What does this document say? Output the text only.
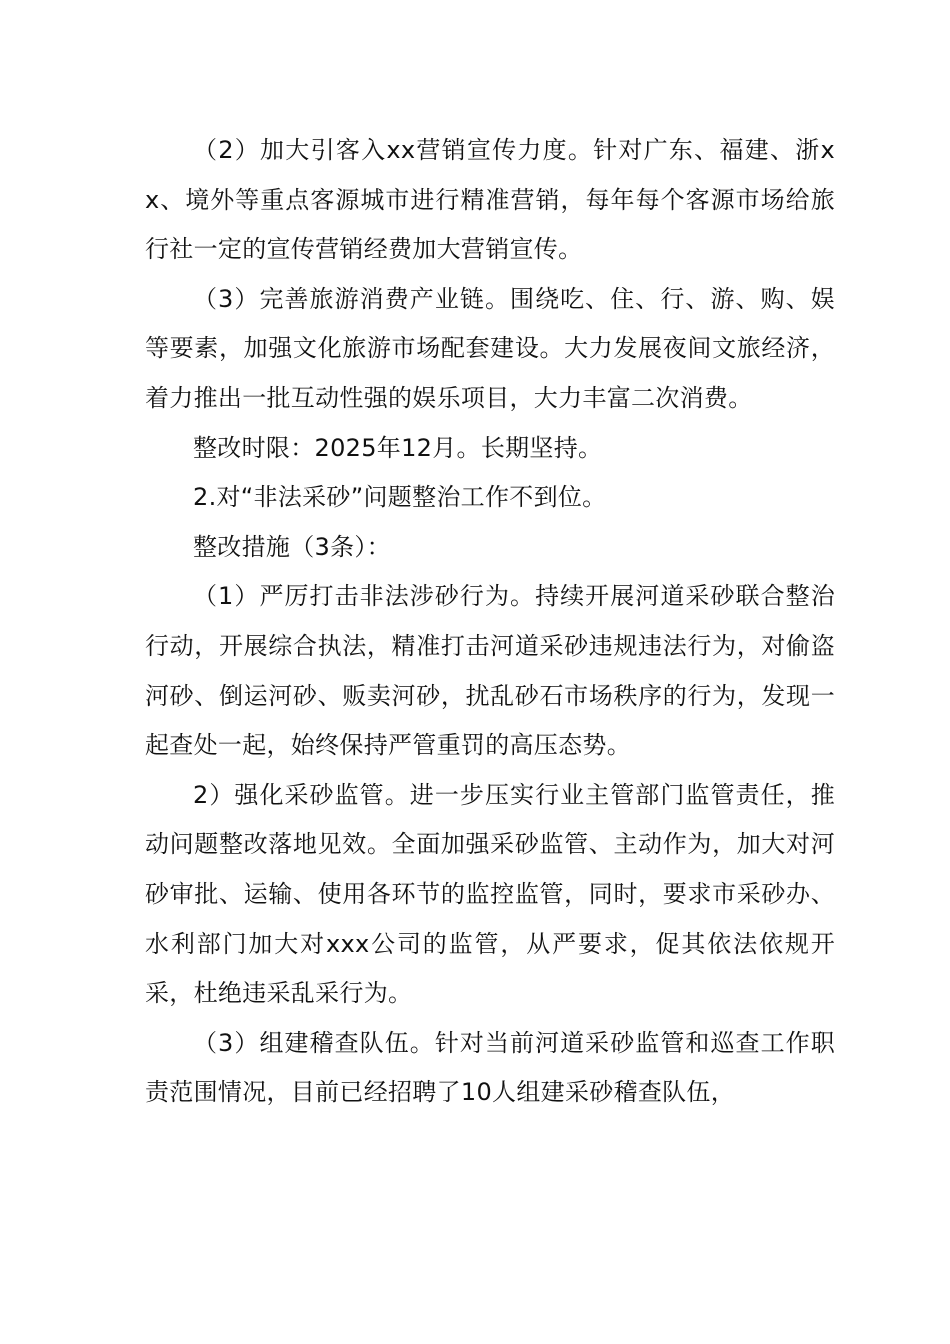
（2）加大引客入xx营销宣传力度。针对广东、福建、浙xx、境外等重点客源城市进行精准营销，每年每个客源市场给旅行社一定的宣传营销经费加大营销宣传。

（3）完善旅游消费产业链。围绕吃、住、行、游、购、娱等要素，加强文化旅游市场配套建设。大力发展夜间文旅经济，着力推出一批互动性强的娱乐项目，大力丰富二次消费。

整改时限：2025年12月。长期坚持。

2.对“非法采砂”问题整治工作不到位。

整改措施（3条）：

（1）严厉打击非法涉砂行为。持续开展河道采砂联合整治行动，开展综合执法，精准打击河道采砂违规违法行为，对偷盗河砂、倒运河砂、贩卖河砂，扰乱砂石市场秩序的行为，发现一起查处一起，始终保持严管重罚的高压态势。

2）强化采砂监管。进一步压实行业主管部门监管责任，推动问题整改落地见效。全面加强采砂监管、主动作为，加大对河砂审批、运输、使用各环节的监控监管，同时，要求市采砂办、水利部门加大对xxx公司的监管，从严要求，促其依法依规开采，杜绝违采乱采行为。

（3）组建稽查队伍。针对当前河道采砂监管和巡查工作职责范围情况，目前已经招聘了10人组建采砂稽查队伍，
